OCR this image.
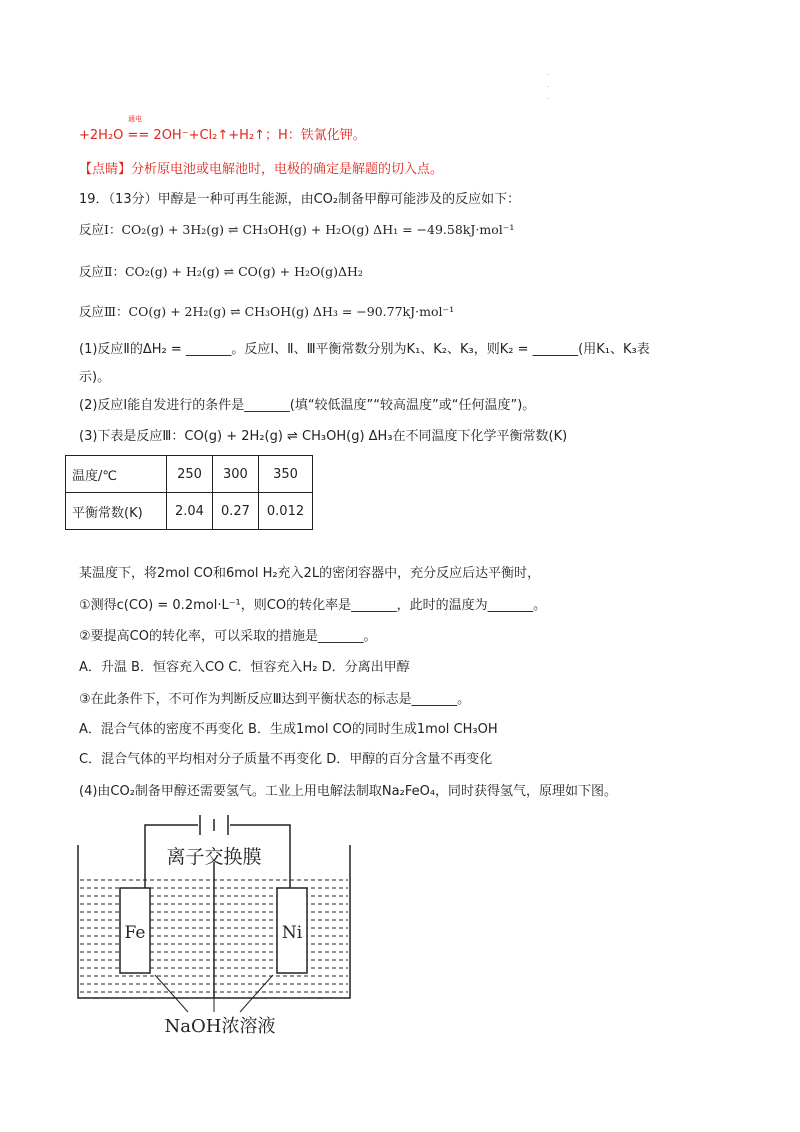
·
·
·
通电
+2H₂O == 2OH⁻+Cl₂↑+H₂↑；H：铁氰化钾。
【点睛】分析原电池或电解池时，电极的确定是解题的切入点。
19．（13分）甲醇是一种可再生能源，由CO₂制备甲醇可能涉及的反应如下：
反应Ⅰ：CO₂(g) + 3H₂(g) ⇌ CH₃OH(g) + H₂O(g) ΔH₁ = −49.58kJ·mol⁻¹
反应Ⅱ：CO₂(g) + H₂(g) ⇌ CO(g) + H₂O(g)ΔH₂
反应Ⅲ：CO(g) + 2H₂(g) ⇌ CH₃OH(g) ΔH₃ = −90.77kJ·mol⁻¹
(1)反应Ⅱ的ΔH₂ = _______。反应Ⅰ、Ⅱ、Ⅲ平衡常数分别为K₁、K₂、K₃，则K₂ = _______(用K₁、K₃表
示)。
(2)反应Ⅰ能自发进行的条件是_______(填“较低温度”“较高温度”或“任何温度”)。
(3)下表是反应Ⅲ：CO(g) + 2H₂(g) ⇌ CH₃OH(g) ΔH₃在不同温度下化学平衡常数(K)
温度/℃	250	300	350
平衡常数(K)	2.04	0.27	0.012
某温度下，将2mol CO和6mol H₂充入2L的密闭容器中，充分反应后达平衡时，
①测得c(CO) = 0.2mol·L⁻¹，则CO的转化率是_______，此时的温度为_______。
②要提高CO的转化率，可以采取的措施是_______。
A．升温 B．恒容充入CO C．恒容充入H₂ D．分离出甲醇
③在此条件下，不可作为判断反应Ⅲ达到平衡状态的标志是_______。
A．混合气体的密度不再变化 B．生成1mol CO的同时生成1mol CH₃OH
C．混合气体的平均相对分子质量不再变化 D．甲醇的百分含量不再变化
(4)由CO₂制备甲醇还需要氢气。工业上用电解法制取Na₂FeO₄，同时获得氢气，原理如下图。
离子交换膜
Fe	Ni
NaOH浓溶液
